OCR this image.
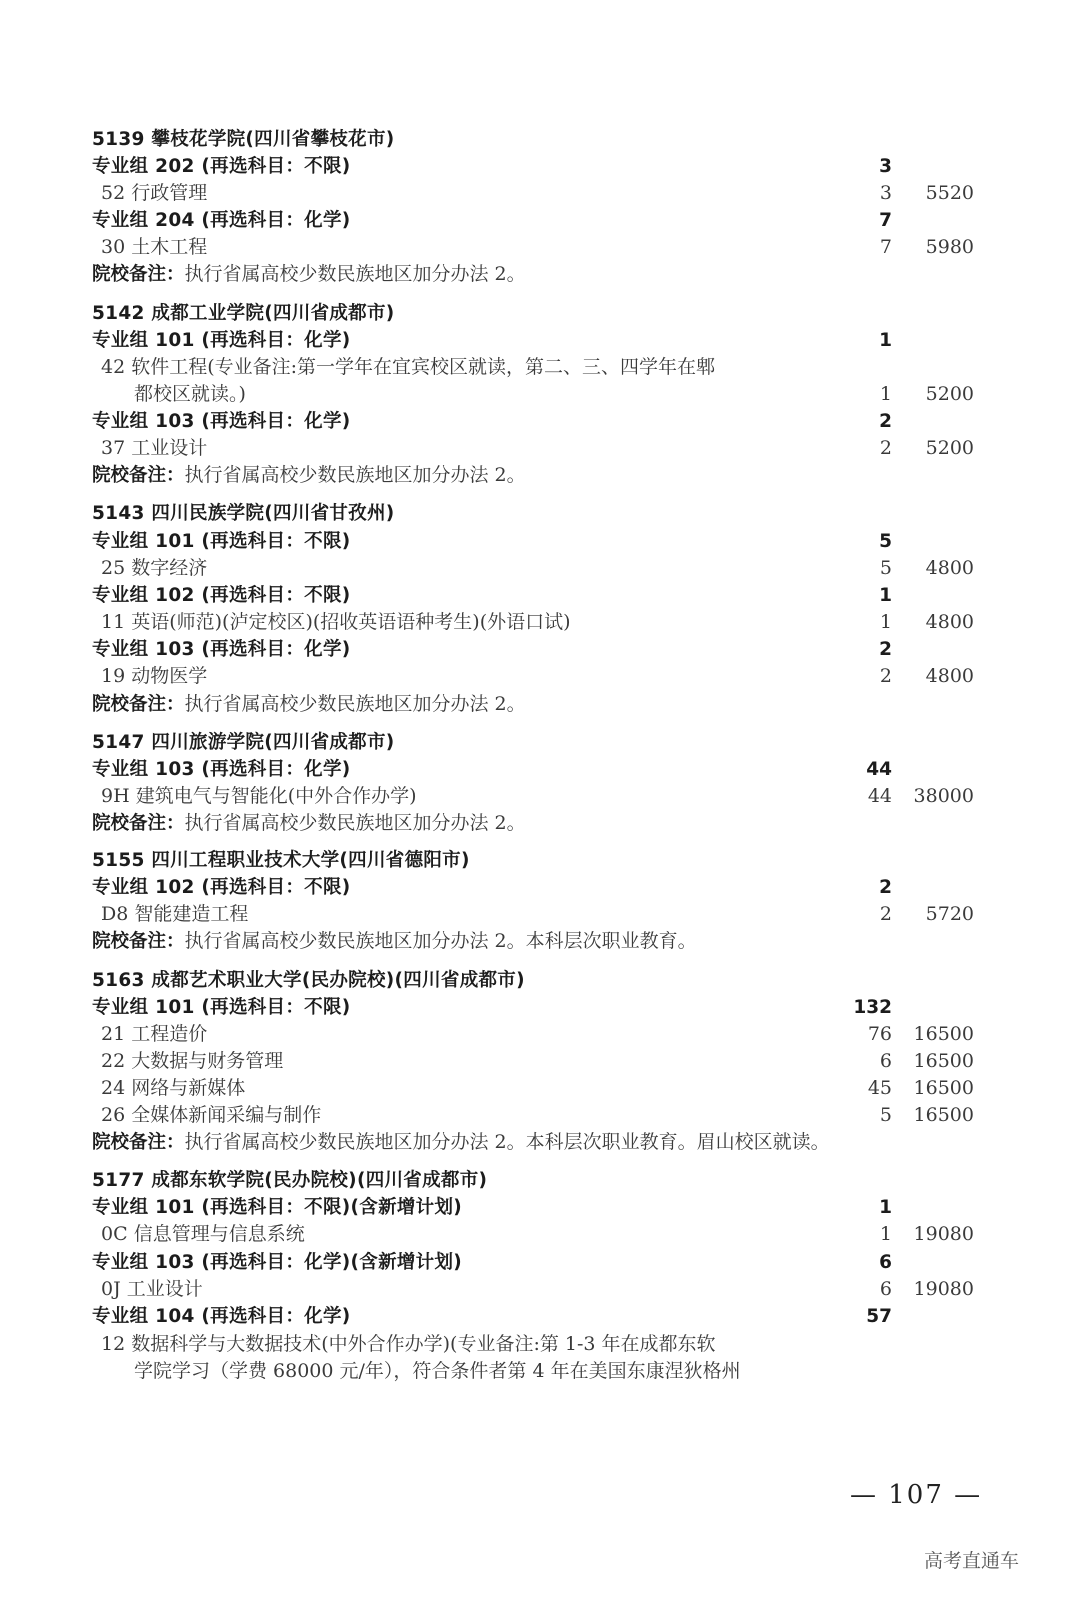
5139 攀枝花学院(四川省攀枝花市)
专业组 202 (再选科目：不限)	3
52 行政管理	3 5520
专业组 204 (再选科目：化学)	7
30 土木工程	7 5980
院校备注：执行省属高校少数民族地区加分办法 2。
5142 成都工业学院(四川省成都市)
专业组 101 (再选科目：化学)	1
42 软件工程(专业备注:第一学年在宜宾校区就读，第二、三、四学年在郫
都校区就读。)	1 5200
专业组 103 (再选科目：化学)	2
37 工业设计	2 5200
院校备注：执行省属高校少数民族地区加分办法 2。
5143 四川民族学院(四川省甘孜州)
专业组 101 (再选科目：不限)	5
25 数字经济	5 4800
专业组 102 (再选科目：不限)	1
11 英语(师范)(泸定校区)(招收英语语种考生)(外语口试)	1 4800
专业组 103 (再选科目：化学)	2
19 动物医学	2 4800
院校备注：执行省属高校少数民族地区加分办法 2。
5147 四川旅游学院(四川省成都市)
专业组 103 (再选科目：化学)	44
9H 建筑电气与智能化(中外合作办学)	44 38000
院校备注：执行省属高校少数民族地区加分办法 2。
5155 四川工程职业技术大学(四川省德阳市)
专业组 102 (再选科目：不限)	2
D8 智能建造工程	2 5720
院校备注：执行省属高校少数民族地区加分办法 2。本科层次职业教育。
5163 成都艺术职业大学(民办院校)(四川省成都市)
专业组 101 (再选科目：不限)	132
21 工程造价	76 16500
22 大数据与财务管理	6 16500
24 网络与新媒体	45 16500
26 全媒体新闻采编与制作	5 16500
院校备注：执行省属高校少数民族地区加分办法 2。本科层次职业教育。眉山校区就读。
5177 成都东软学院(民办院校)(四川省成都市)
专业组 101 (再选科目：不限)(含新增计划)	1
0C 信息管理与信息系统	1 19080
专业组 103 (再选科目：化学)(含新增计划)	6
0J 工业设计	6 19080
专业组 104 (再选科目：化学)	57
12 数据科学与大数据技术(中外合作办学)(专业备注:第 1-3 年在成都东软
学院学习（学费 68000 元/年），符合条件者第 4 年在美国东康涅狄格州
— 107 —
高考直通车
